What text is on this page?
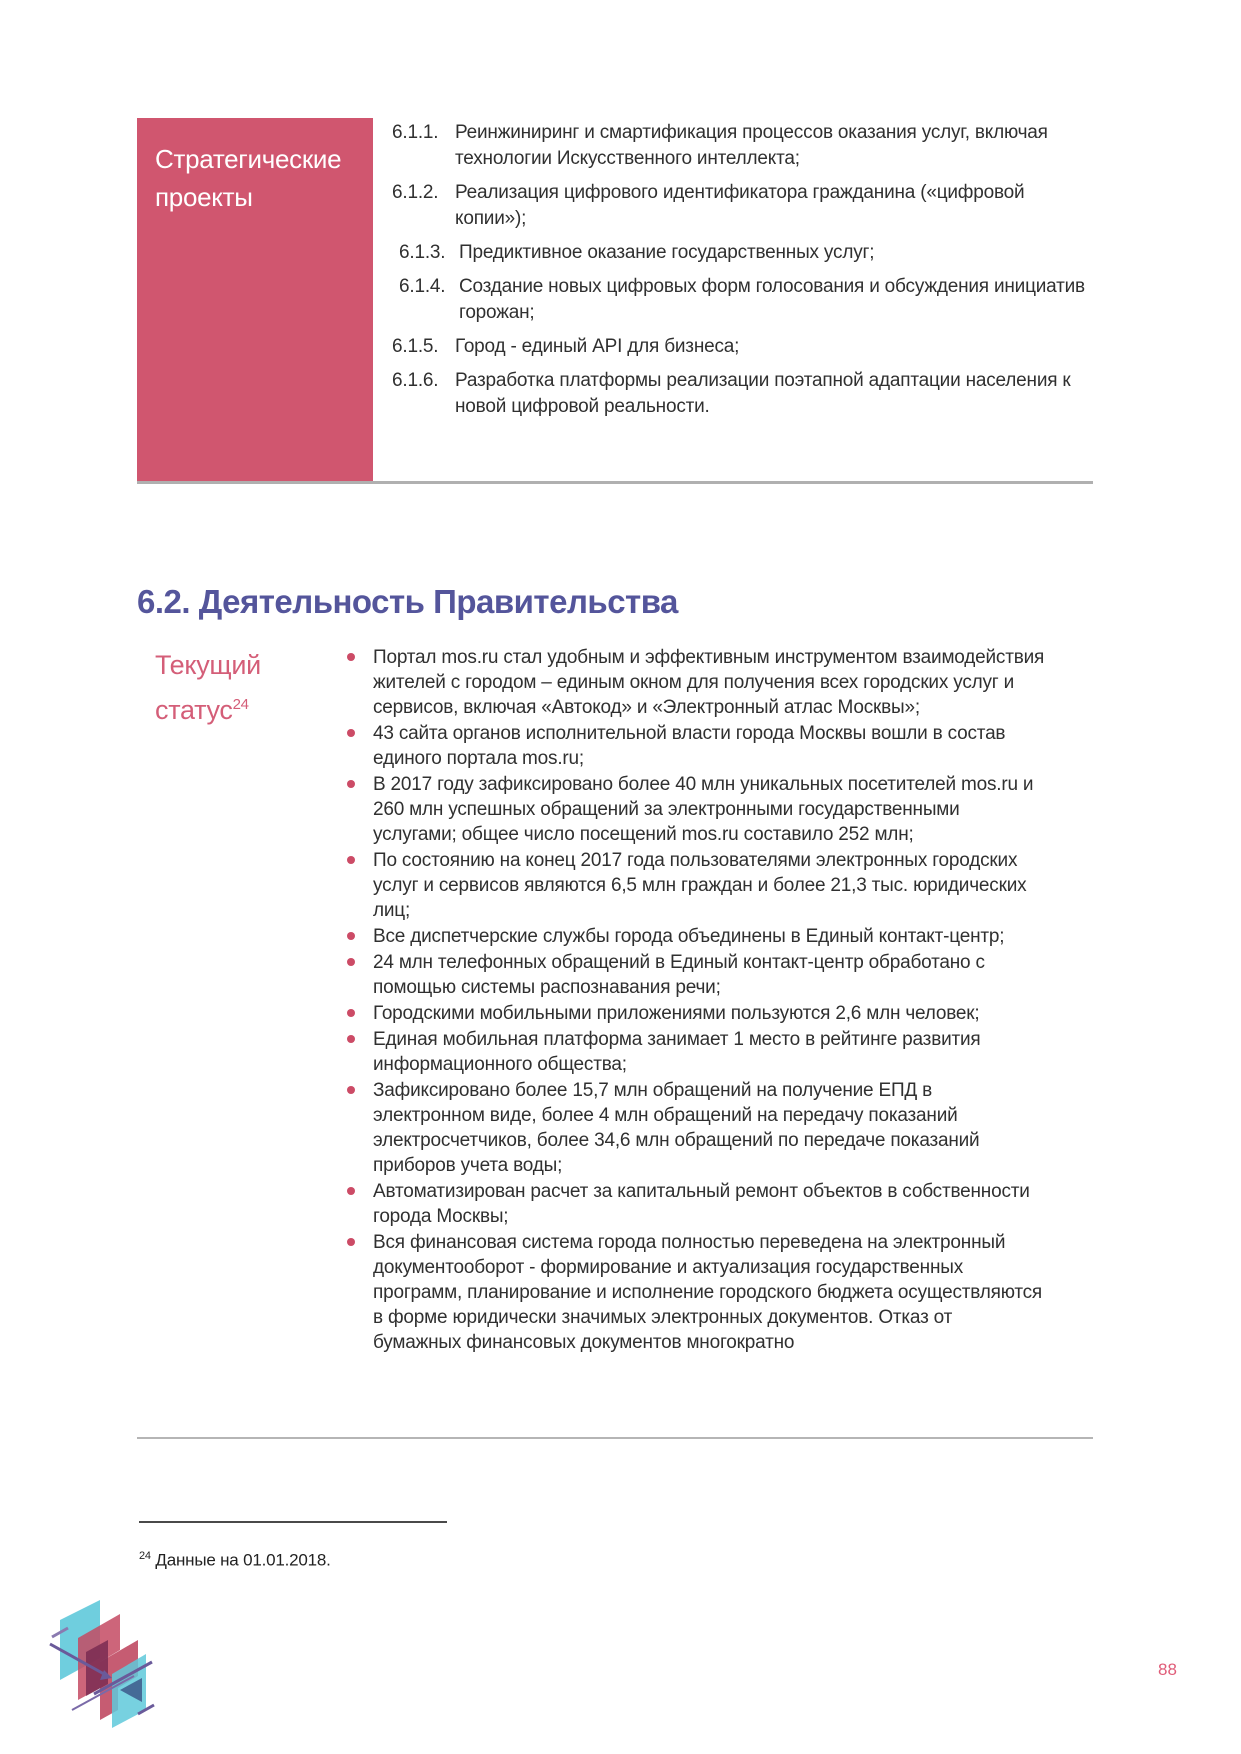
Стратегические проекты
6.1.1. Реинжиниринг и смартификация процессов оказания услуг, включая технологии Искусственного интеллекта;
6.1.2. Реализация цифрового идентификатора гражданина («цифровой копии»);
6.1.3. Предиктивное оказание государственных услуг;
6.1.4. Создание новых цифровых форм голосования и обсуждения инициатив горожан;
6.1.5. Город - единый API для бизнеса;
6.1.6. Разработка платформы реализации поэтапной адаптации населения к новой цифровой реальности.
6.2. Деятельность Правительства
Текущий
статус$^{24}$
Портал mos.ru стал удобным и эффективным инструментом взаимодействия жителей с городом – единым окном для получения всех городских услуг и сервисов, включая «Автокод» и «Электронный атлас Москвы»;
43 сайта органов исполнительной власти города Москвы вошли в состав единого портала mos.ru;
В 2017 году зафиксировано более 40 млн уникальных посетителей mos.ru и 260 млн успешных обращений за электронными государственными услугами; общее число посещений mos.ru составило 252 млн;
По состоянию на конец 2017 года пользователями электронных городских услуг и сервисов являются 6,5 млн граждан и более 21,3 тыс. юридических лиц;
Все диспетчерские службы города объединены в Единый контакт-центр;
24 млн телефонных обращений в Единый контакт-центр обработано с помощью системы распознавания речи;
Городскими мобильными приложениями пользуются 2,6 млн человек;
Единая мобильная платформа занимает 1 место в рейтинге развития информационного общества;
Зафиксировано более 15,7 млн обращений на получение ЕПД в электронном виде, более 4 млн обращений на передачу показаний электросчетчиков, более 34,6 млн обращений по передаче показаний приборов учета воды;
Автоматизирован расчет за капитальный ремонт объектов в собственности города Москвы;
Вся финансовая система города полностью переведена на электронный документооборот - формирование и актуализация государственных программ, планирование и исполнение городского бюджета осуществляются в форме юридически значимых электронных документов. Отказ от бумажных финансовых документов многократно
$^{24}$ Данные на 01.01.2018.
88
